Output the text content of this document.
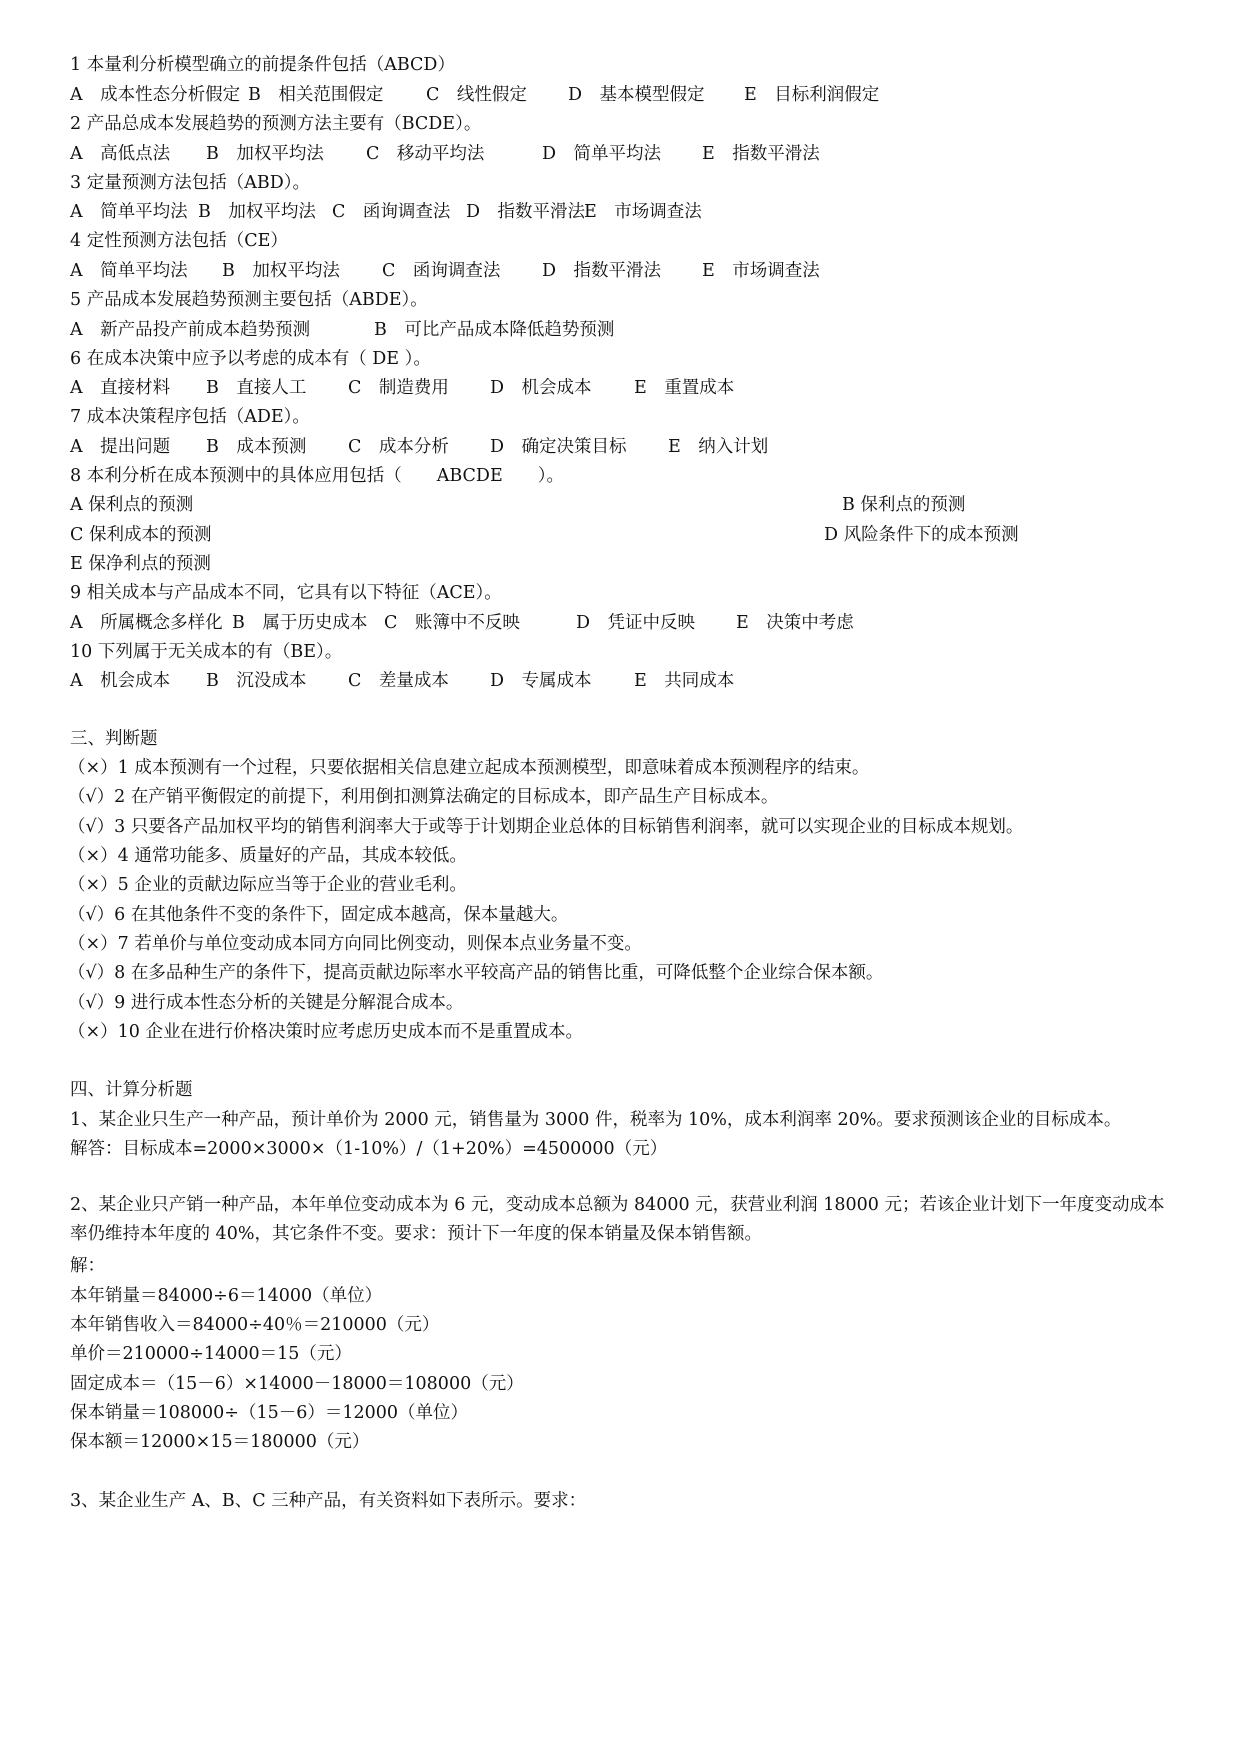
1 本量利分析模型确立的前提条件包括（ABCD）
A　成本性态分析假定 B　相关范围假定 C　线性假定 D　基本模型假定 E　目标利润假定
2 产品总成本发展趋势的预测方法主要有（BCDE）。
A　高低点法 B　加权平均法 C　移动平均法	D　简单平均法 E　指数平滑法
3 定量预测方法包括（ABD）。
A　简单平均法 B　加权平均法 C　函询调查法 D　指数平滑法
E　市场调查法
4 定性预测方法包括（CE）
A　简单平均法 B　加权平均法 C　函询调查法 D　指数平滑法 E　市场调查法
5 产品成本发展趋势预测主要包括（ABDE）。
A　新产品投产前成本趋势预测	B　可比产品成本降低趋势预测
6 在成本决策中应予以考虑的成本有（ DE ）。
A　直接材料 B　直接人工 C　制造费用 D　机会成本 E　重置成本
7 成本决策程序包括（ADE）。
A　提出问题 B　成本预测 C　成本分析 D　确定决策目标 E　纳入计划
8 本利分析在成本预测中的具体应用包括（　　ABCDE　　）。
A 保利点的预测	B 保利点的预测
C 保利成本的预测	D 风险条件下的成本预测
E 保净利点的预测
9 相关成本与产品成本不同，它具有以下特征（ACE）。
A　所属概念多样化 B　属于历史成本 C　账簿中不反映	D　凭证中反映 E　决策中考虑
10 下列属于无关成本的有（BE）。
A　机会成本 B　沉没成本 C　差量成本 D　专属成本 E　共同成本
三、判断题
（×）1 成本预测有一个过程，只要依据相关信息建立起成本预测模型，即意味着成本预测程序的结束。
（√）2 在产销平衡假定的前提下，利用倒扣测算法确定的目标成本，即产品生产目标成本。
（√）3 只要各产品加权平均的销售利润率大于或等于计划期企业总体的目标销售利润率，就可以实现企业的目标成本规划。
（×）4 通常功能多、质量好的产品，其成本较低。
（×）5 企业的贡献边际应当等于企业的营业毛利。
（√）6 在其他条件不变的条件下，固定成本越高，保本量越大。
（×）7 若单价与单位变动成本同方向同比例变动，则保本点业务量不变。
（√）8 在多品种生产的条件下，提高贡献边际率水平较高产品的销售比重，可降低整个企业综合保本额。
（√）9 进行成本性态分析的关键是分解混合成本。
（×）10 企业在进行价格决策时应考虑历史成本而不是重置成本。
四、计算分析题
1、某企业只生产一种产品，预计单价为 2000 元，销售量为 3000 件，税率为 10%，成本利润率 20%。要求预测该企业的目标成本。
解答：目标成本=2000×3000×（1-10%）/（1+20%）=4500000（元）
2、某企业只产销一种产品，本年单位变动成本为 6 元，变动成本总额为 84000 元，获营业利润 18000 元；若该企业计划下一年度变动成本率仍维持本年度的 40%，其它条件不变。要求：预计下一年度的保本销量及保本销售额。
解：
本年销量＝84000÷6＝14000（单位）
本年销售收入＝84000÷40％＝210000（元）
单价＝210000÷14000＝15（元）
固定成本＝（15－6）×14000－18000＝108000（元）
保本销量＝108000÷（15－6）＝12000（单位）
保本额＝12000×15＝180000（元）
3、某企业生产 A、B、C 三种产品，有关资料如下表所示。要求：
